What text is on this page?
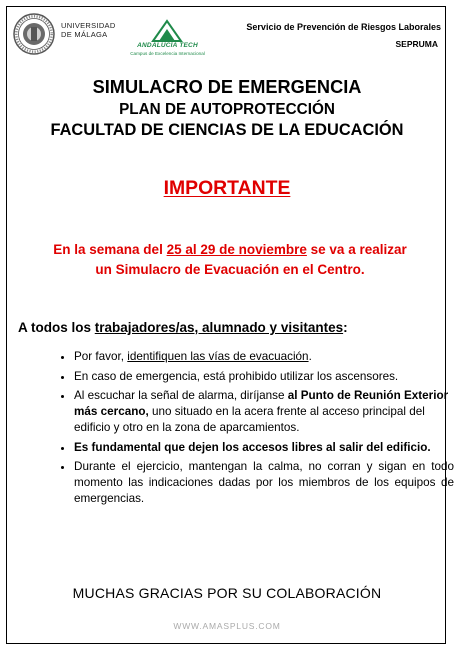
UNIVERSIDAD
DE MÁLAGA
ANDALUCÍA TECH
Campus de Excelencia Internacional
Servicio de Prevención de Riesgos Laborales
SEPRUMA
SIMULACRO DE EMERGENCIA
PLAN DE AUTOPROTECCIÓN
FACULTAD DE CIENCIAS DE LA EDUCACIÓN
IMPORTANTE
En la semana del 25 al 29 de noviembre se va a realizar un Simulacro de Evacuación en el Centro.
A todos los trabajadores/as, alumnado y visitantes:
• Por favor, identifiquen las vías de evacuación.
• En caso de emergencia, está prohibido utilizar los ascensores.
• Al escuchar la señal de alarma, diríjanse al Punto de Reunión Exterior más cercano, uno situado en la acera frente al acceso principal del edificio y otro en la zona de aparcamientos.
• Es fundamental que dejen los accesos libres al salir del edificio.
• Durante el ejercicio, mantengan la calma, no corran y sigan en todo momento las indicaciones dadas por los miembros de los equipos de emergencias.
MUCHAS GRACIAS POR SU COLABORACIÓN
WWW.AMASPLUS.COM
